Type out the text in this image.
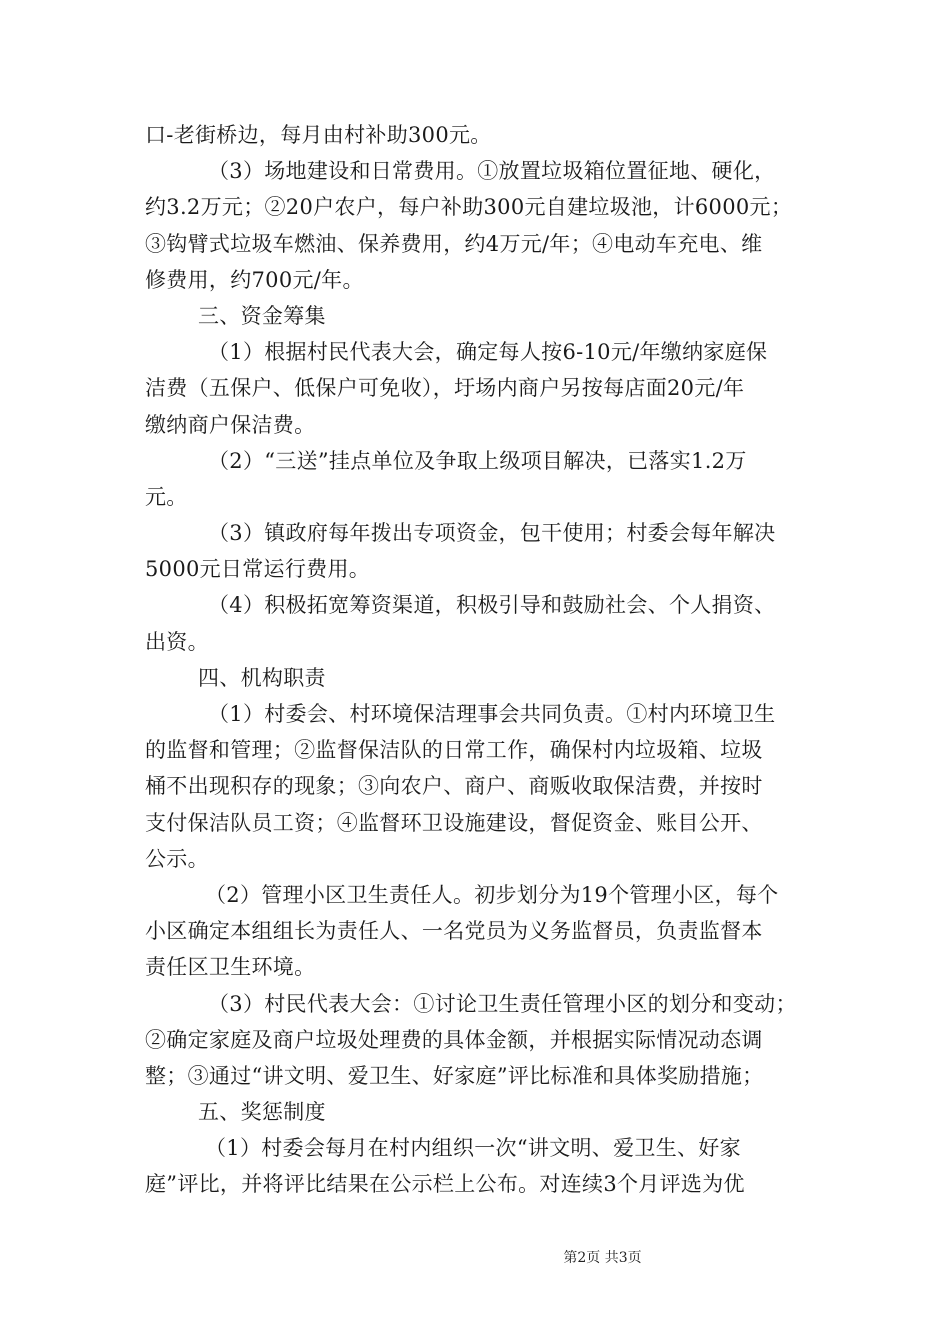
口-老街桥边，每月由村补助300元。
（3）场地建设和日常费用。①放置垃圾箱位置征地、硬化，
约3.2万元；②20户农户，每户补助300元自建垃圾池，计6000元；
③钩臂式垃圾车燃油、保养费用，约4万元/年；④电动车充电、维
修费用，约700元/年。
三、资金筹集
（1）根据村民代表大会，确定每人按6-10元/年缴纳家庭保
洁费（五保户、低保户可免收），圩场内商户另按每店面20元/年
缴纳商户保洁费。
（2）“三送”挂点单位及争取上级项目解决，已落实1.2万
元。
（3）镇政府每年拨出专项资金，包干使用；村委会每年解决
5000元日常运行费用。
（4）积极拓宽筹资渠道，积极引导和鼓励社会、个人捐资、
出资。
四、机构职责
（1）村委会、村环境保洁理事会共同负责。①村内环境卫生
的监督和管理；②监督保洁队的日常工作，确保村内垃圾箱、垃圾
桶不出现积存的现象；③向农户、商户、商贩收取保洁费，并按时
支付保洁队员工资；④监督环卫设施建设，督促资金、账目公开、
公示。
（2）管理小区卫生责任人。初步划分为19个管理小区，每个
小区确定本组组长为责任人、一名党员为义务监督员，负责监督本
责任区卫生环境。
（3）村民代表大会：①讨论卫生责任管理小区的划分和变动；
②确定家庭及商户垃圾处理费的具体金额，并根据实际情况动态调
整；③通过“讲文明、爱卫生、好家庭”评比标准和具体奖励措施；
五、奖惩制度
（1）村委会每月在村内组织一次“讲文明、爱卫生、好家
庭”评比，并将评比结果在公示栏上公布。对连续3个月评选为优
第2页 共3页
